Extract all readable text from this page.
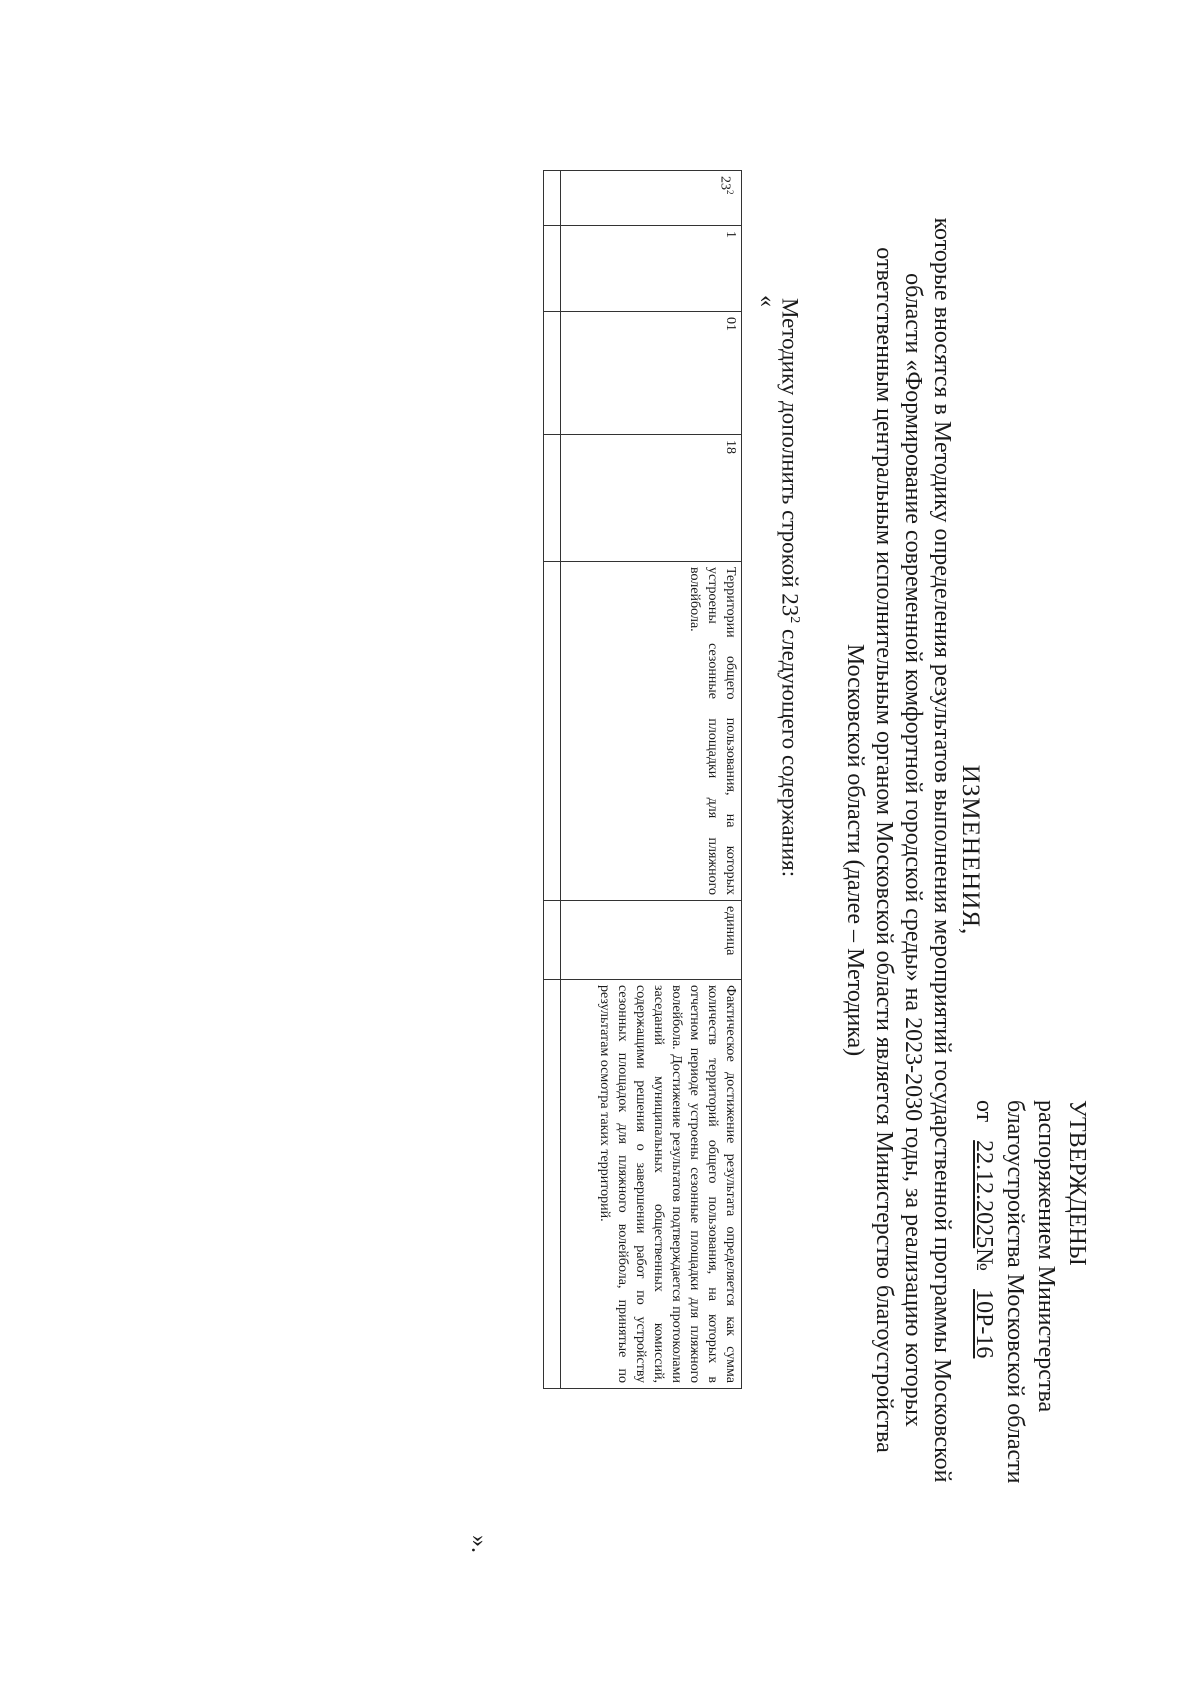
УТВЕРЖДЕНЫ
распоряжением Министерства
благоустройства Московской области
от   22.12.2025№   10Р-16
ИЗМЕНЕНИЯ,
которые вносятся в Методику определения результатов выполнения мероприятий государственной программы Московской
области «Формирование современной комфортной городской среды» на 2023-2030 годы, за реализацию которых
ответственным центральным исполнительным органом Московской области является Министерство благоустройства
Московской области (далее – Методика)
Методику дополнить строкой $23^2$ следующего содержания:
«
$23^2$	1	01	18	Территории общего пользования, на которых устроены сезонные площадки для пляжного волейбола.	единица	Фактическое достижение результата определяется как сумма количеств территорий общего пользования, на которых в отчетном периоде устроены сезонные площадки для пляжного волейбола. Достижение результатов подтверждается протоколами заседаний муниципальных общественных комиссий, содержащими решения о завершении работ по устройству сезонных площадок для пляжного волейбола, принятые по результатам осмотра таких территорий.

».
